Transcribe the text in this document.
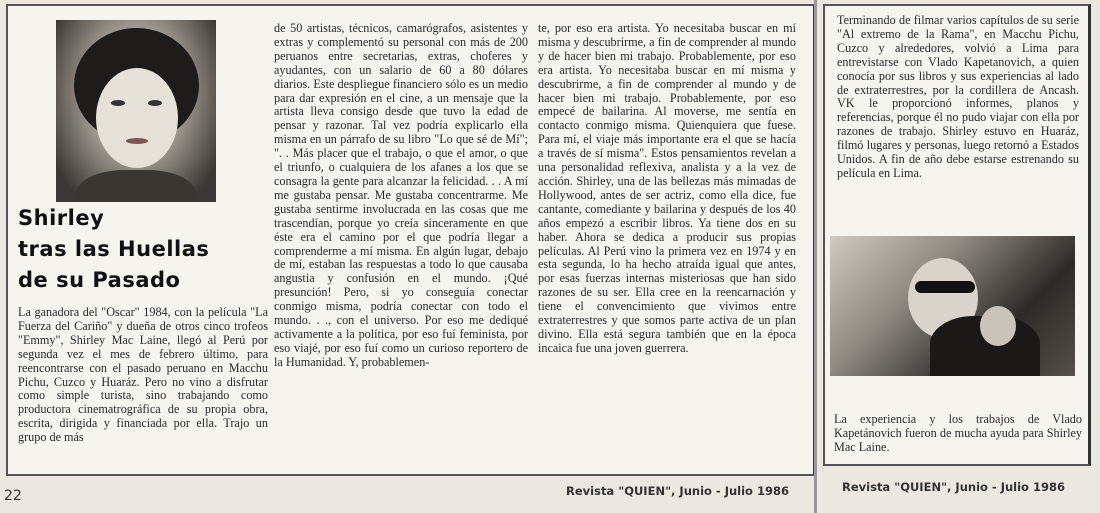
Shirley
tras las Huellas
de su Pasado
La ganadora del "Oscar" 1984, con la película "La Fuerza del Cariño" y dueña de otros cinco trofeos "Emmy", Shirley Mac Laine, llegó al Perú por segunda vez el mes de febrero último, para reencontrarse con el pasado peruano en Macchu Pichu, Cuzco y Huaráz. Pero no vino a disfrutar como simple turista, sino trabajando como productora cinematrográfica de su propia obra, escrita, dirigida y financiada por ella. Trajo un grupo de más
de 50 artistas, técnicos, camarógrafos, asistentes y extras y complementó su personal con más de 200 peruanos entre secretarias, extras, choferes y ayudantes, con un salario de 60 a 80 dólares diarios. Este despliegue financiero sólo es un medio para dar expresión en el cine, a un mensaje que la artista lleva consigo desde que tuvo la edad de pensar y razonar. Tal vez podría explicarlo ella misma en un párrafo de su libro "Lo que sé de Mí"; ". . Más placer que el trabajo, o que el amor, o que el triunfo, o cualquiera de los afanes a los que se consagra la gente para alcanzar la felicidad. . . A mí me gustaba pensar. Me gustaba concentrarme. Me gustaba sentirme involucrada en las cosas que me trascendían, porque yo creía sinceramente en que éste era el camino por el que podría llegar a comprenderme a mí misma. En algún lugar, debajo de mí, estaban las respuestas a todo lo que causaba angustia y confusión en el mundo. ¡Qué presunción! Pero, si yo conseguía conectar conmigo misma, podría conectar con todo el mundo. . ., con el universo. Por eso me dediqué activamente a la política, por eso fuí feminista, por eso viajé, por eso fuí como un curioso reportero de la Humanidad. Y, probablemen-
te, por eso era artista. Yo necesitaba buscar en mí misma y descubrirme, a fin de comprender al mundo y de hacer bien mi trabajo. Probablemente, por eso era artista. Yo necesitaba buscar en mí misma y descubrirme, a fin de comprender al mundo y de hacer bien mi trabajo. Probablemente, por eso empecé de bailarina. Al moverse, me sentía en contacto conmigo misma. Quienquiera que fuese. Para mí, el viaje más importante era el que se hacía a través de sí misma". Estos pensamientos revelan a una personalidad reflexiva, analista y a la vez de acción. Shirley, una de las bellezas más mimadas de Hollywood, antes de ser actriz, como ella dice, fue cantante, comediante y bailarina y después de los 40 años empezó a escribir libros. Ya tiene dos en su haber. Ahora se dedica a producir sus propias películas. Al Perú vino la primera vez en 1974 y en esta segunda, lo ha hecho atraída igual que antes, por esas fuerzas internas misteriosas que han sido razones de su ser. Ella cree en la reencarnación y tiene el convencimiento que vivimos entre extraterrestres y que somos parte activa de un plan divino. Ella está segura también que en la época incaica fue una joven guerrera.
Terminando de filmar varios capítulos de su serie "Al extremo de la Rama", en Macchu Pichu, Cuzco y alrededores, volvió a Lima para entrevistarse con Vlado Kapetanovich, a quien conocía por sus libros y sus experiencias al lado de extraterrestres, por la cordillera de Ancash. VK le proporcionó informes, planos y referencias, porque él no pudo viajar con ella por razones de trabajo. Shirley estuvo en Huaráz, filmó lugares y personas, luego retornó a Estados Unidos. A fin de año debe estarse estrenando su película en Lima.
La experiencia y los trabajos de Vlado Kapetánovich fueron de mucha ayuda para Shirley Mac Laine.
22	Revista "QUIEN", Junio - Julio 1986	Revista "QUIEN", Junio - Julio 1986
